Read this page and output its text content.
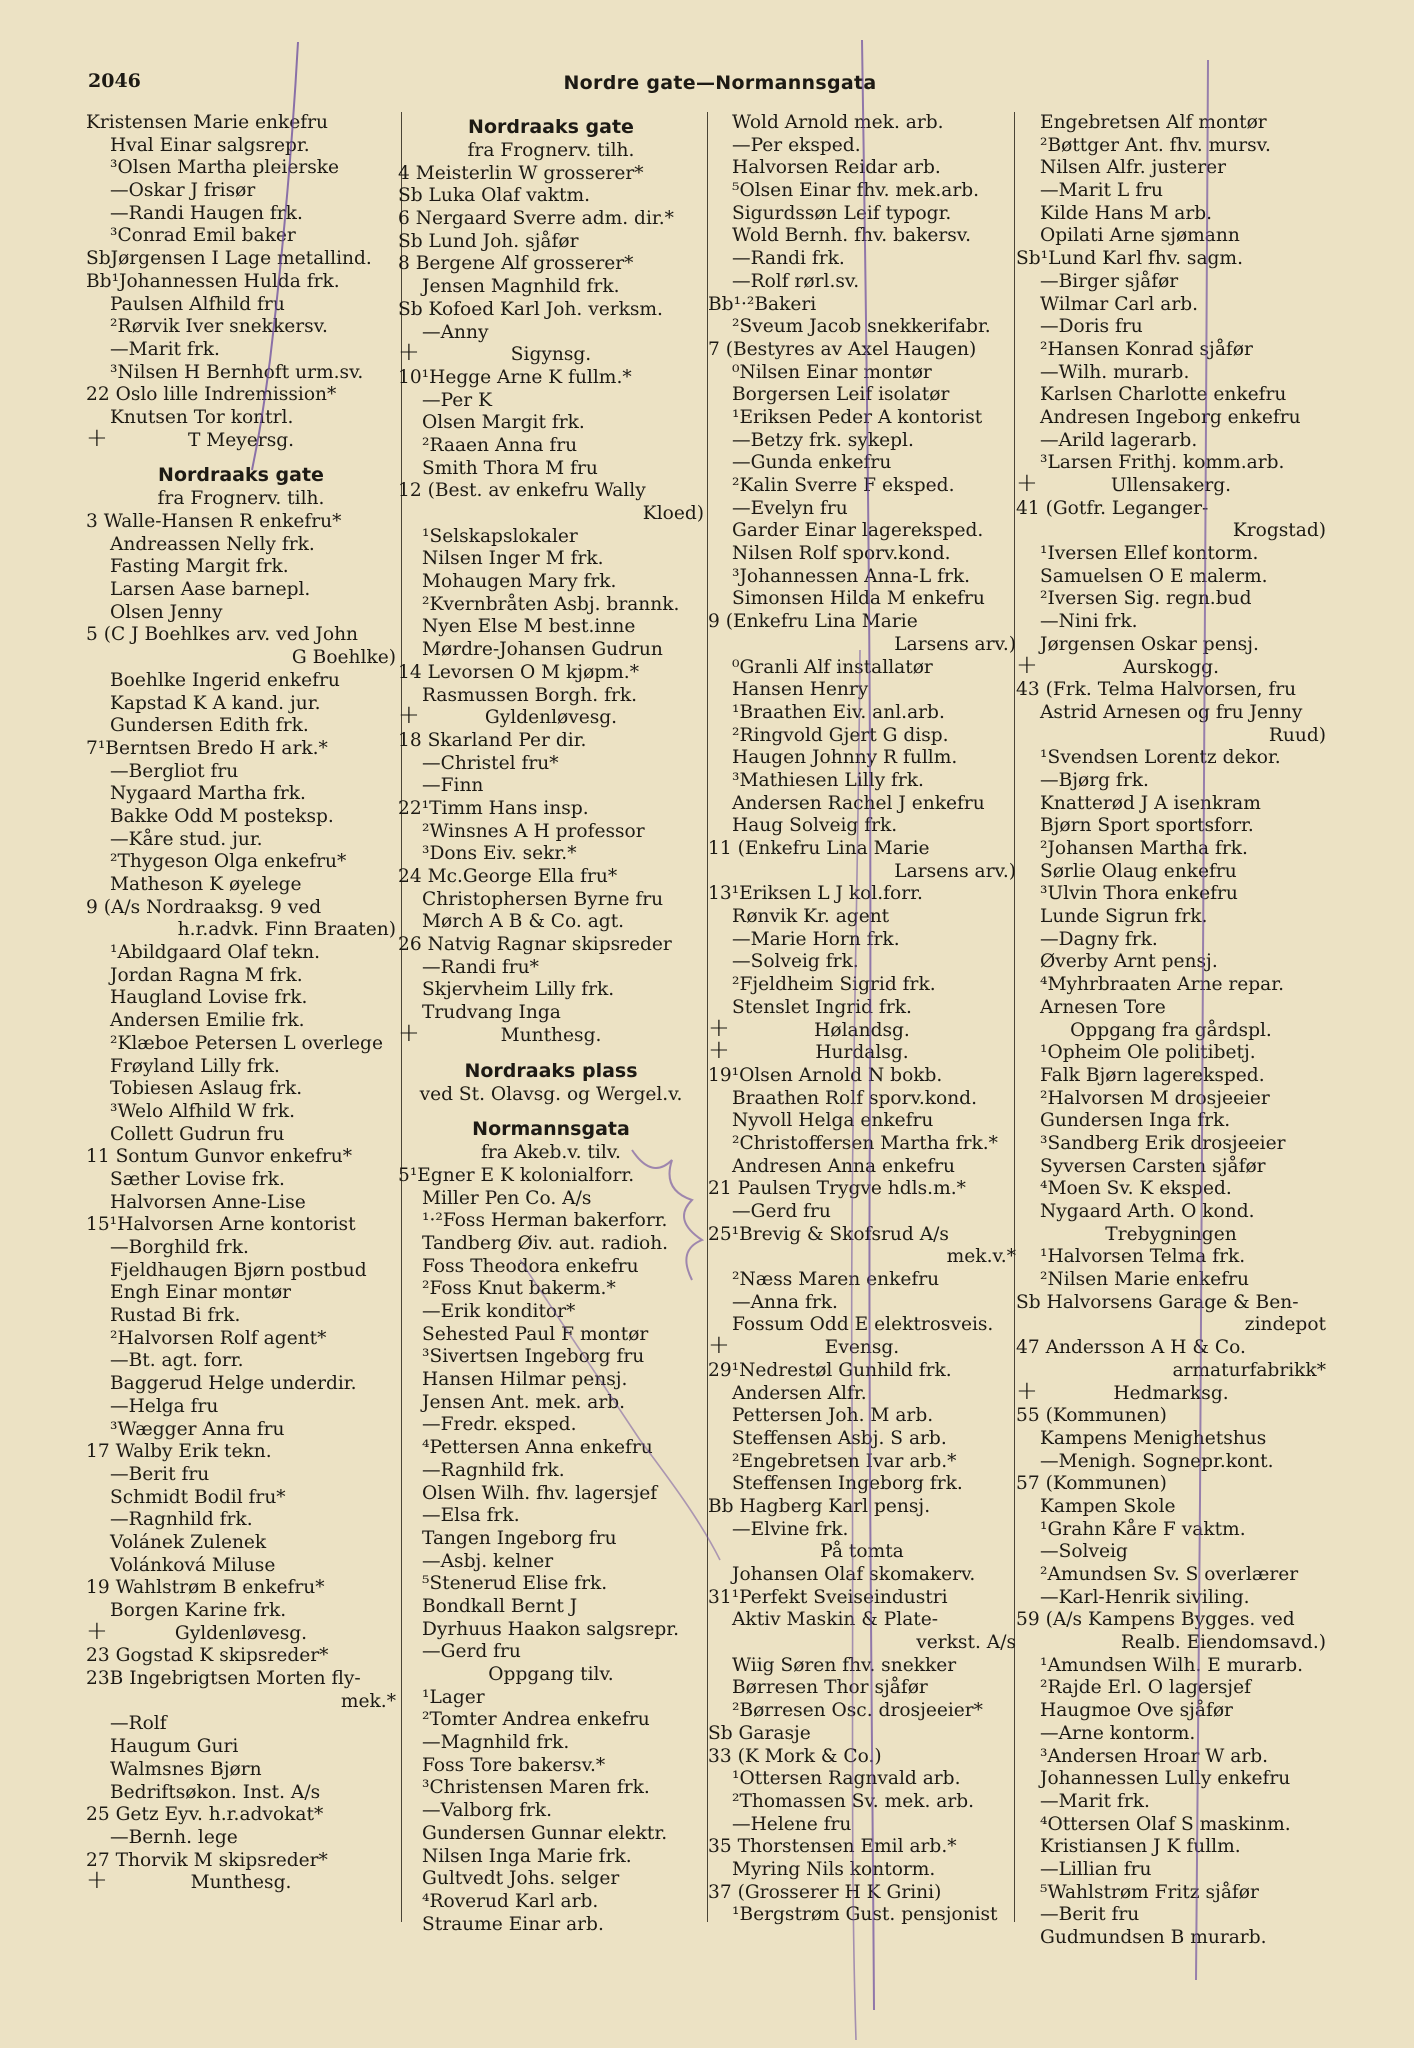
2046	Nordre gate—Normannsgata
Kristensen Marie enkefru
Hval Einar salgsrepr.
³Olsen Martha pleierske
—Oskar J frisør
—Randi Haugen frk.
³Conrad Emil baker
SbJørgensen I Lage metallind.
Bb¹Johannessen Hulda frk.
Paulsen Alfhild fru
²Rørvik Iver snekkersv.
—Marit frk.
³Nilsen H Bernhoft urm.sv.
22 Oslo lille Indremission*
Knutsen Tor kontrl.
+	T Meyersg.
Nordraaks gate
fra Frognerv. tilh.
3 Walle-Hansen R enkefru*
Andreassen Nelly frk.
Fasting Margit frk.
Larsen Aase barnepl.
Olsen Jenny
5 (C J Boehlkes arv. ved John
G Boehlke)
Boehlke Ingerid enkefru
Kapstad K A kand. jur.
Gundersen Edith frk.
7¹Berntsen Bredo H ark.*
—Bergliot fru
Nygaard Martha frk.
Bakke Odd M posteksp.
—Kåre stud. jur.
²Thygeson Olga enkefru*
Matheson K øyelege
9 (A/s Nordraaksg. 9 ved
h.r.advk. Finn Braaten)
¹Abildgaard Olaf tekn.
Jordan Ragna M frk.
Haugland Lovise frk.
Andersen Emilie frk.
²Klæboe Petersen L overlege
Frøyland Lilly frk.
Tobiesen Aslaug frk.
³Welo Alfhild W frk.
Collett Gudrun fru
11 Sontum Gunvor enkefru*
Sæther Lovise frk.
Halvorsen Anne-Lise
15¹Halvorsen Arne kontorist
—Borghild frk.
Fjeldhaugen Bjørn postbud
Engh Einar montør
Rustad Bi frk.
²Halvorsen Rolf agent*
—Bt. agt. forr.
Baggerud Helge underdir.
—Helga fru
³Wægger Anna fru
17 Walby Erik tekn.
—Berit fru
Schmidt Bodil fru*
—Ragnhild frk.
Volánek Zulenek
Volánková Miluse
19 Wahlstrøm B enkefru*
Borgen Karine frk.
+	Gyldenløvesg.
23 Gogstad K skipsreder*
23B Ingebrigtsen Morten fly-
mek.*
—Rolf
Haugum Guri
Walmsnes Bjørn
Bedriftsøkon. Inst. A/s
25 Getz Eyv. h.r.advokat*
—Bernh. lege
27 Thorvik M skipsreder*
+	Munthesg.
Nordraaks gate
fra Frognerv. tilh.
4 Meisterlin W grosserer*
Sb Luka Olaf vaktm.
6 Nergaard Sverre adm. dir.*
Sb Lund Joh. sjåfør
8 Bergene Alf grosserer*
Jensen Magnhild frk.
Sb Kofoed Karl Joh. verksm.
—Anny
+	Sigynsg.
10¹Hegge Arne K fullm.*
—Per K
Olsen Margit frk.
²Raaen Anna fru
Smith Thora M fru
12 (Best. av enkefru Wally
Kloed)
¹Selskapslokaler
Nilsen Inger M frk.
Mohaugen Mary frk.
²Kvernbråten Asbj. brannk.
Nyen Else M best.inne
Mørdre-Johansen Gudrun
14 Levorsen O M kjøpm.*
Rasmussen Borgh. frk.
+	Gyldenløvesg.
18 Skarland Per dir.
—Christel fru*
—Finn
22¹Timm Hans insp.
²Winsnes A H professor
³Dons Eiv. sekr.*
24 Mc.George Ella fru*
Christophersen Byrne fru
Mørch A B & Co. agt.
26 Natvig Ragnar skipsreder
—Randi fru*
Skjervheim Lilly frk.
Trudvang Inga
+	Munthesg.
Nordraaks plass
ved St. Olavsg. og Wergel.v.
Normannsgata
fra Akeb.v. tilv.
5¹Egner E K kolonialforr.
Miller Pen Co. A/s
¹·²Foss Herman bakerforr.
Tandberg Øiv. aut. radioh.
Foss Theodora enkefru
²Foss Knut bakerm.*
—Erik konditor*
Sehested Paul F montør
³Sivertsen Ingeborg fru
Hansen Hilmar pensj.
Jensen Ant. mek. arb.
—Fredr. eksped.
⁴Pettersen Anna enkefru
—Ragnhild frk.
Olsen Wilh. fhv. lagersjef
—Elsa frk.
Tangen Ingeborg fru
—Asbj. kelner
⁵Stenerud Elise frk.
Bondkall Bernt J
Dyrhuus Haakon salgsrepr.
—Gerd fru
Oppgang tilv.
¹Lager
²Tomter Andrea enkefru
—Magnhild frk.
Foss Tore bakersv.*
³Christensen Maren frk.
—Valborg frk.
Gundersen Gunnar elektr.
Nilsen Inga Marie frk.
Gultvedt Johs. selger
⁴Roverud Karl arb.
Straume Einar arb.
Wold Arnold mek. arb.
—Per eksped.
Halvorsen Reidar arb.
⁵Olsen Einar fhv. mek.arb.
Sigurdssøn Leif typogr.
Wold Bernh. fhv. bakersv.
—Randi frk.
—Rolf rørl.sv.
Bb¹·²Bakeri
²Sveum Jacob snekkerifabr.
7 (Bestyres av Axel Haugen)
⁰Nilsen Einar montør
Borgersen Leif isolatør
¹Eriksen Peder A kontorist
—Betzy frk. sykepl.
—Gunda enkefru
²Kalin Sverre F eksped.
—Evelyn fru
Garder Einar lagereksped.
Nilsen Rolf sporv.kond.
³Johannessen Anna-L frk.
Simonsen Hilda M enkefru
9 (Enkefru Lina Marie
Larsens arv.)
⁰Granli Alf installatør
Hansen Henry
¹Braathen Eiv. anl.arb.
²Ringvold Gjert G disp.
Haugen Johnny R fullm.
³Mathiesen Lilly frk.
Andersen Rachel J enkefru
Haug Solveig frk.
11 (Enkefru Lina Marie
Larsens arv.)
13¹Eriksen L J kol.forr.
Rønvik Kr. agent
—Marie Horn frk.
—Solveig frk.
²Fjeldheim Sigrid frk.
Stenslet Ingrid frk.
+	Hølandsg.
+	Hurdalsg.
19¹Olsen Arnold N bokb.
Braathen Rolf sporv.kond.
Nyvoll Helga enkefru
²Christoffersen Martha frk.*
Andresen Anna enkefru
21 Paulsen Trygve hdls.m.*
—Gerd fru
25¹Brevig & Skofsrud A/s
mek.v.*
²Næss Maren enkefru
—Anna frk.
Fossum Odd E elektrosveis.
+	Evensg.
29¹Nedrestøl Gunhild frk.
Andersen Alfr.
Pettersen Joh. M arb.
Steffensen Asbj. S arb.
²Engebretsen Ivar arb.*
Steffensen Ingeborg frk.
Bb Hagberg Karl pensj.
—Elvine frk.
På tomta
Johansen Olaf skomakerv.
31¹Perfekt Sveiseindustri
Aktiv Maskin & Plate-
verkst. A/s
Wiig Søren fhv. snekker
Børresen Thor sjåfør
²Børresen Osc. drosjeeier*
Sb Garasje
33 (K Mork & Co.)
¹Ottersen Ragnvald arb.
²Thomassen Sv. mek. arb.
—Helene fru
35 Thorstensen Emil arb.*
Myring Nils kontorm.
37 (Grosserer H K Grini)
¹Bergstrøm Gust. pensjonist
Engebretsen Alf montør
²Bøttger Ant. fhv. mursv.
Nilsen Alfr. justerer
—Marit L fru
Kilde Hans M arb.
Opilati Arne sjømann
Sb¹Lund Karl fhv. sagm.
—Birger sjåfør
Wilmar Carl arb.
—Doris fru
²Hansen Konrad sjåfør
—Wilh. murarb.
Karlsen Charlotte enkefru
Andresen Ingeborg enkefru
—Arild lagerarb.
³Larsen Frithj. komm.arb.
+	Ullensakerg.
41 (Gotfr. Leganger-
Krogstad)
¹Iversen Ellef kontorm.
Samuelsen O E malerm.
²Iversen Sig. regn.bud
—Nini frk.
Jørgensen Oskar pensj.
+	Aurskogg.
43 (Frk. Telma Halvorsen, fru
Astrid Arnesen og fru Jenny
Ruud)
¹Svendsen Lorentz dekor.
—Bjørg frk.
Knatterød J A isenkram
Bjørn Sport sportsforr.
²Johansen Martha frk.
Sørlie Olaug enkefru
³Ulvin Thora enkefru
Lunde Sigrun frk.
—Dagny frk.
Øverby Arnt pensj.
⁴Myhrbraaten Arne repar.
Arnesen Tore
Oppgang fra gårdspl.
¹Opheim Ole politibetj.
Falk Bjørn lagereksped.
²Halvorsen M drosjeeier
Gundersen Inga frk.
³Sandberg Erik drosjeeier
Syversen Carsten sjåfør
⁴Moen Sv. K eksped.
Nygaard Arth. O kond.
Trebygningen
¹Halvorsen Telma frk.
²Nilsen Marie enkefru
Sb Halvorsens Garage & Ben-
zindepot
47 Andersson A H & Co.
armaturfabrikk*
+	Hedmarksg.
55 (Kommunen)
Kampens Menighetshus
—Menigh. Sognepr.kont.
57 (Kommunen)
Kampen Skole
¹Grahn Kåre F vaktm.
—Solveig
²Amundsen Sv. S overlærer
—Karl-Henrik siviling.
59 (A/s Kampens Bygges. ved
Realb. Eiendomsavd.)
¹Amundsen Wilh. E murarb.
²Rajde Erl. O lagersjef
Haugmoe Ove sjåfør
—Arne kontorm.
³Andersen Hroar W arb.
Johannessen Lully enkefru
—Marit frk.
⁴Ottersen Olaf S maskinm.
Kristiansen J K fullm.
—Lillian fru
⁵Wahlstrøm Fritz sjåfør
—Berit fru
Gudmundsen B murarb.
